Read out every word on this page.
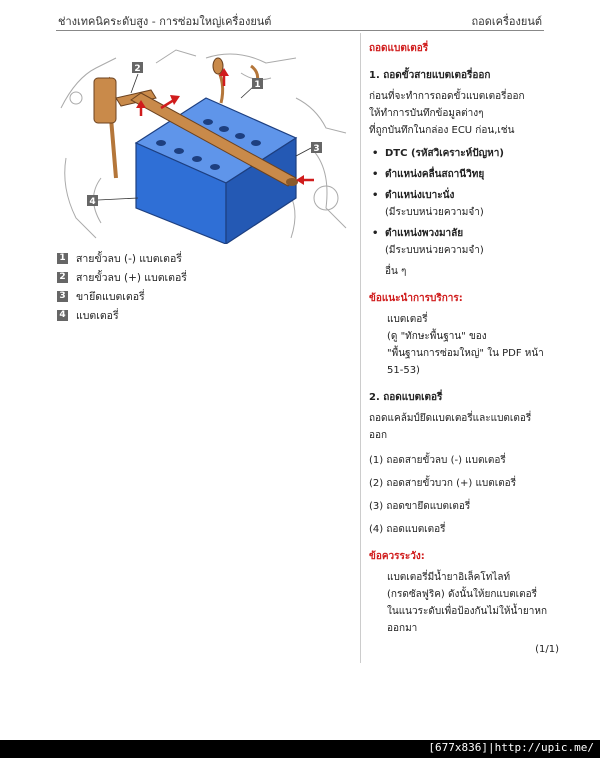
ช่างเทคนิคระดับสูง - การซ่อมใหญ่เครื่องยนต์	ถอดเครื่องยนต์
2
1
3
4
1 สายขั้วลบ (-) แบตเตอรี่
2 สายขั้วลบ (+) แบตเตอรี่
3 ขายึดแบตเตอรี่
4 แบตเตอรี่
ถอดแบตเตอรี่
1. ถอดขั้วสายแบตเตอรี่ออก
ก่อนที่จะทำการถอดขั้วแบตเตอรี่ออก
ให้ทำการบันทึกข้อมูลต่างๆ
ที่ถูกบันทึกในกล่อง ECU ก่อน,เช่น
• DTC (รหัสวิเคราะห์ปัญหา)
• ตำแหน่งคลื่นสถานีวิทยุ
• ตำแหน่งเบาะนั่ง
(มีระบบหน่วยความจำ)
• ตำแหน่งพวงมาลัย
(มีระบบหน่วยความจำ)
อื่น ๆ
ข้อแนะนำการบริการ:
แบตเตอรี่
(ดู "ทักษะพื้นฐาน" ของ
"พื้นฐานการซ่อมใหญ่" ใน PDF หน้า
51-53)
2. ถอดแบตเตอรี่
ถอดแคล้มป์ยึดแบตเตอรี่และแบตเตอรี่
ออก
(1) ถอดสายขั้วลบ (-) แบตเตอรี่
(2) ถอดสายขั้วบวก (+) แบตเตอรี่
(3) ถอดขายึดแบตเตอรี่
(4) ถอดแบตเตอรี่
ข้อควรระวัง:
แบตเตอรี่มีน้ำยาอิเล็คโทไลท์
(กรดซัลฟูริค) ดังนั้นให้ยกแบตเตอรี่
ในแนวระดับเพื่อป้องกันไม่ให้น้ำยาหก
ออกมา
(1/1)
[677x836]|http://upic.me/
